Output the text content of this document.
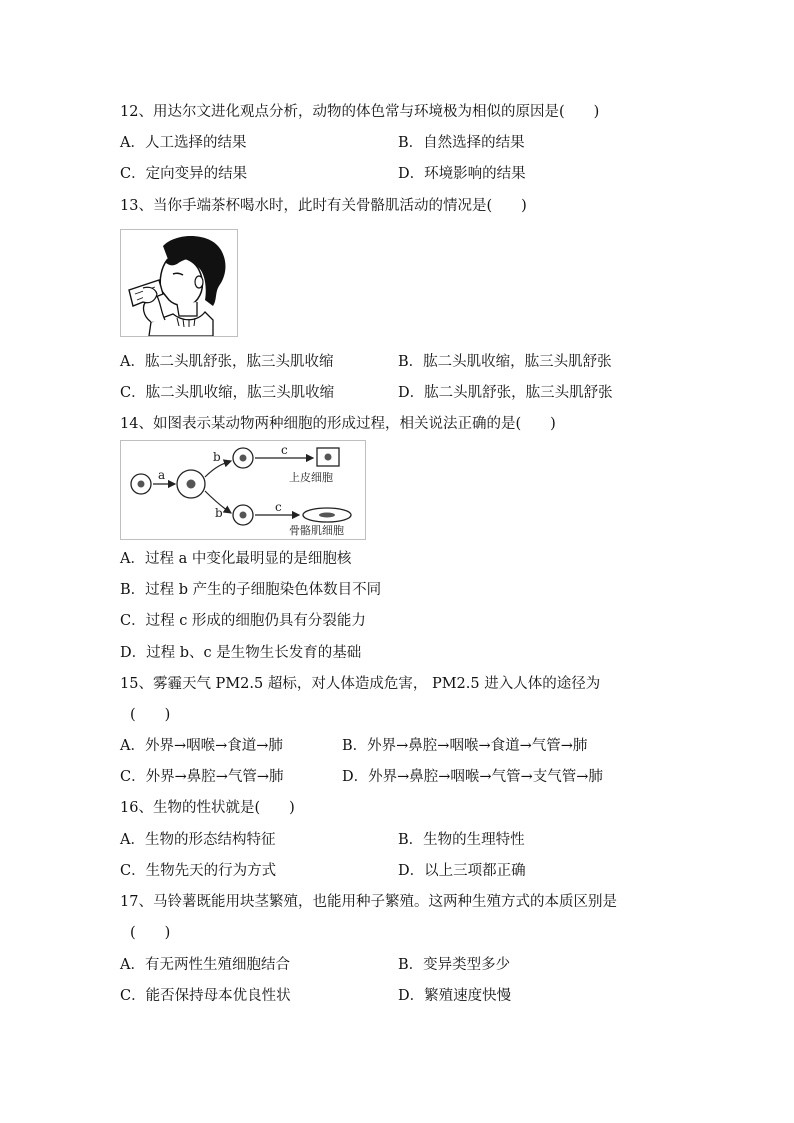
12、用达尔文进化观点分析，动物的体色常与环境极为相似的原因是(　　)
A．人工选择的结果	B．自然选择的结果
C．定向变异的结果	D．环境影响的结果
13、当你手端茶杯喝水时，此时有关骨骼肌活动的情况是(　　)
A．肱二头肌舒张，肱三头肌收缩	B．肱二头肌收缩，肱三头肌舒张
C．肱二头肌收缩，肱三头肌收缩	D．肱二头肌舒张，肱三头肌舒张
14、如图表示某动物两种细胞的形成过程，相关说法正确的是(　　)
a
b	c
上皮细胞
b	c
骨骼肌细胞
A．过程 a 中变化最明显的是细胞核
B．过程 b 产生的子细胞染色体数目不同
C．过程 c 形成的细胞仍具有分裂能力
D．过程 b、c 是生物生长发育的基础
15、雾霾天气 PM2.5 超标，对人体造成危害， PM2.5 进入人体的途径为
(　　)
A．外界→咽喉→食道→肺	B．外界→鼻腔→咽喉→食道→气管→肺
C．外界→鼻腔→气管→肺	D．外界→鼻腔→咽喉→气管→支气管→肺
16、生物的性状就是(　　)
A．生物的形态结构特征	B．生物的生理特性
C．生物先天的行为方式	D．以上三项都正确
17、马铃薯既能用块茎繁殖，也能用种子繁殖。这两种生殖方式的本质区别是
(　　)
A．有无两性生殖细胞结合	B．变异类型多少
C．能否保持母本优良性状	D．繁殖速度快慢
